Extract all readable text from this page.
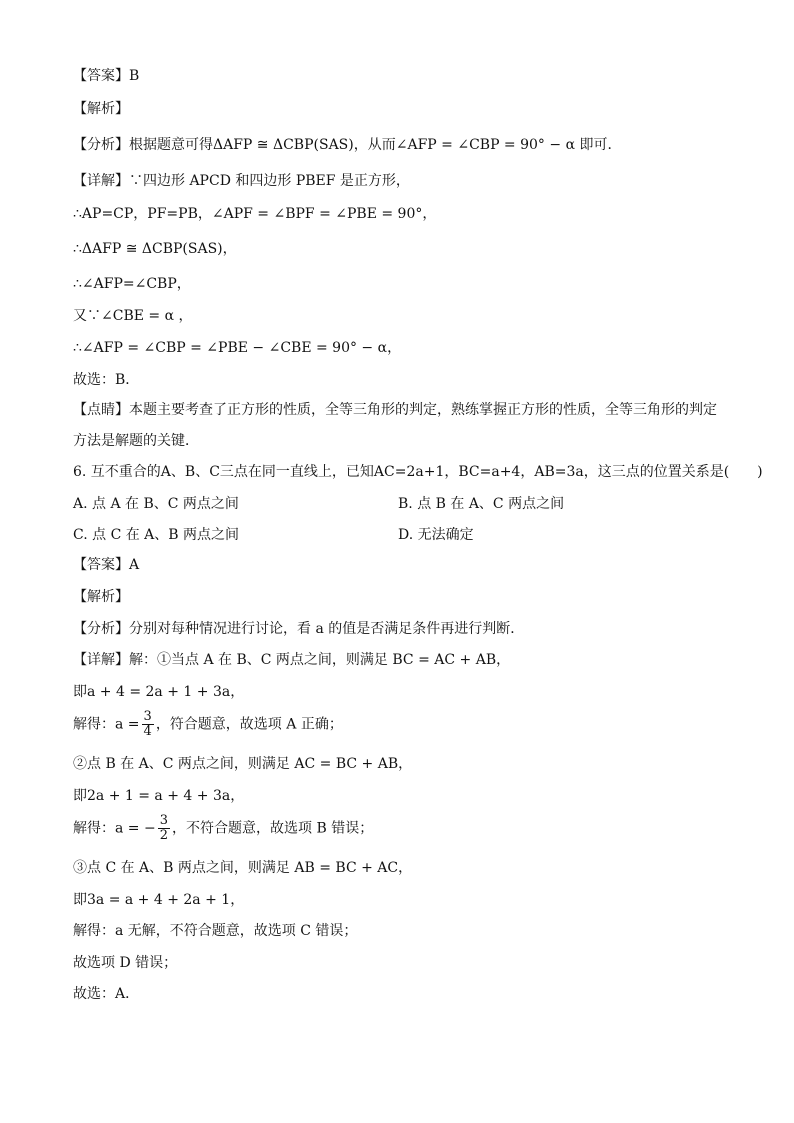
【答案】B
【解析】
【分析】根据题意可得ΔAFP ≅ ΔCBP(SAS)，从而∠AFP = ∠CBP = 90° − α 即可．
【详解】∵四边形 APCD 和四边形 PBEF 是正方形，
∴AP=CP，PF=PB，∠APF = ∠BPF = ∠PBE = 90°，
∴ΔAFP ≅ ΔCBP(SAS)，
∴∠AFP=∠CBP，
又∵∠CBE = α ，
∴∠AFP = ∠CBP = ∠PBE − ∠CBE = 90° − α，
故选：B．
【点睛】本题主要考查了正方形的性质，全等三角形的判定，熟练掌握正方形的性质，全等三角形的判定
方法是解题的关键．
6. 互不重合的A、B、C三点在同一直线上，已知AC=2a+1，BC=a+4，AB=3a，这三点的位置关系是(　　)
A. 点 A 在 B、C 两点之间	B. 点 B 在 A、C 两点之间
C. 点 C 在 A、B 两点之间	D. 无法确定
【答案】A
【解析】
【分析】分别对每种情况进行讨论，看 a 的值是否满足条件再进行判断．
【详解】解：①当点 A 在 B、C 两点之间，则满足 BC = AC + AB，
即a + 4 = 2a + 1 + 3a，
解得：$a = \frac{3}{4}$ ，符合题意，故选项 A 正确；
②点 B 在 A、C 两点之间，则满足 AC = BC + AB，
即2a + 1 = a + 4 + 3a，
解得：a = − $\frac{3}{2}$ ，不符合题意，故选项 B 错误；
③点 C 在 A、B 两点之间，则满足 AB = BC + AC，
即3a = a + 4 + 2a + 1，
解得：a 无解，不符合题意，故选项 C 错误；
故选项 D 错误；
故选：A．
